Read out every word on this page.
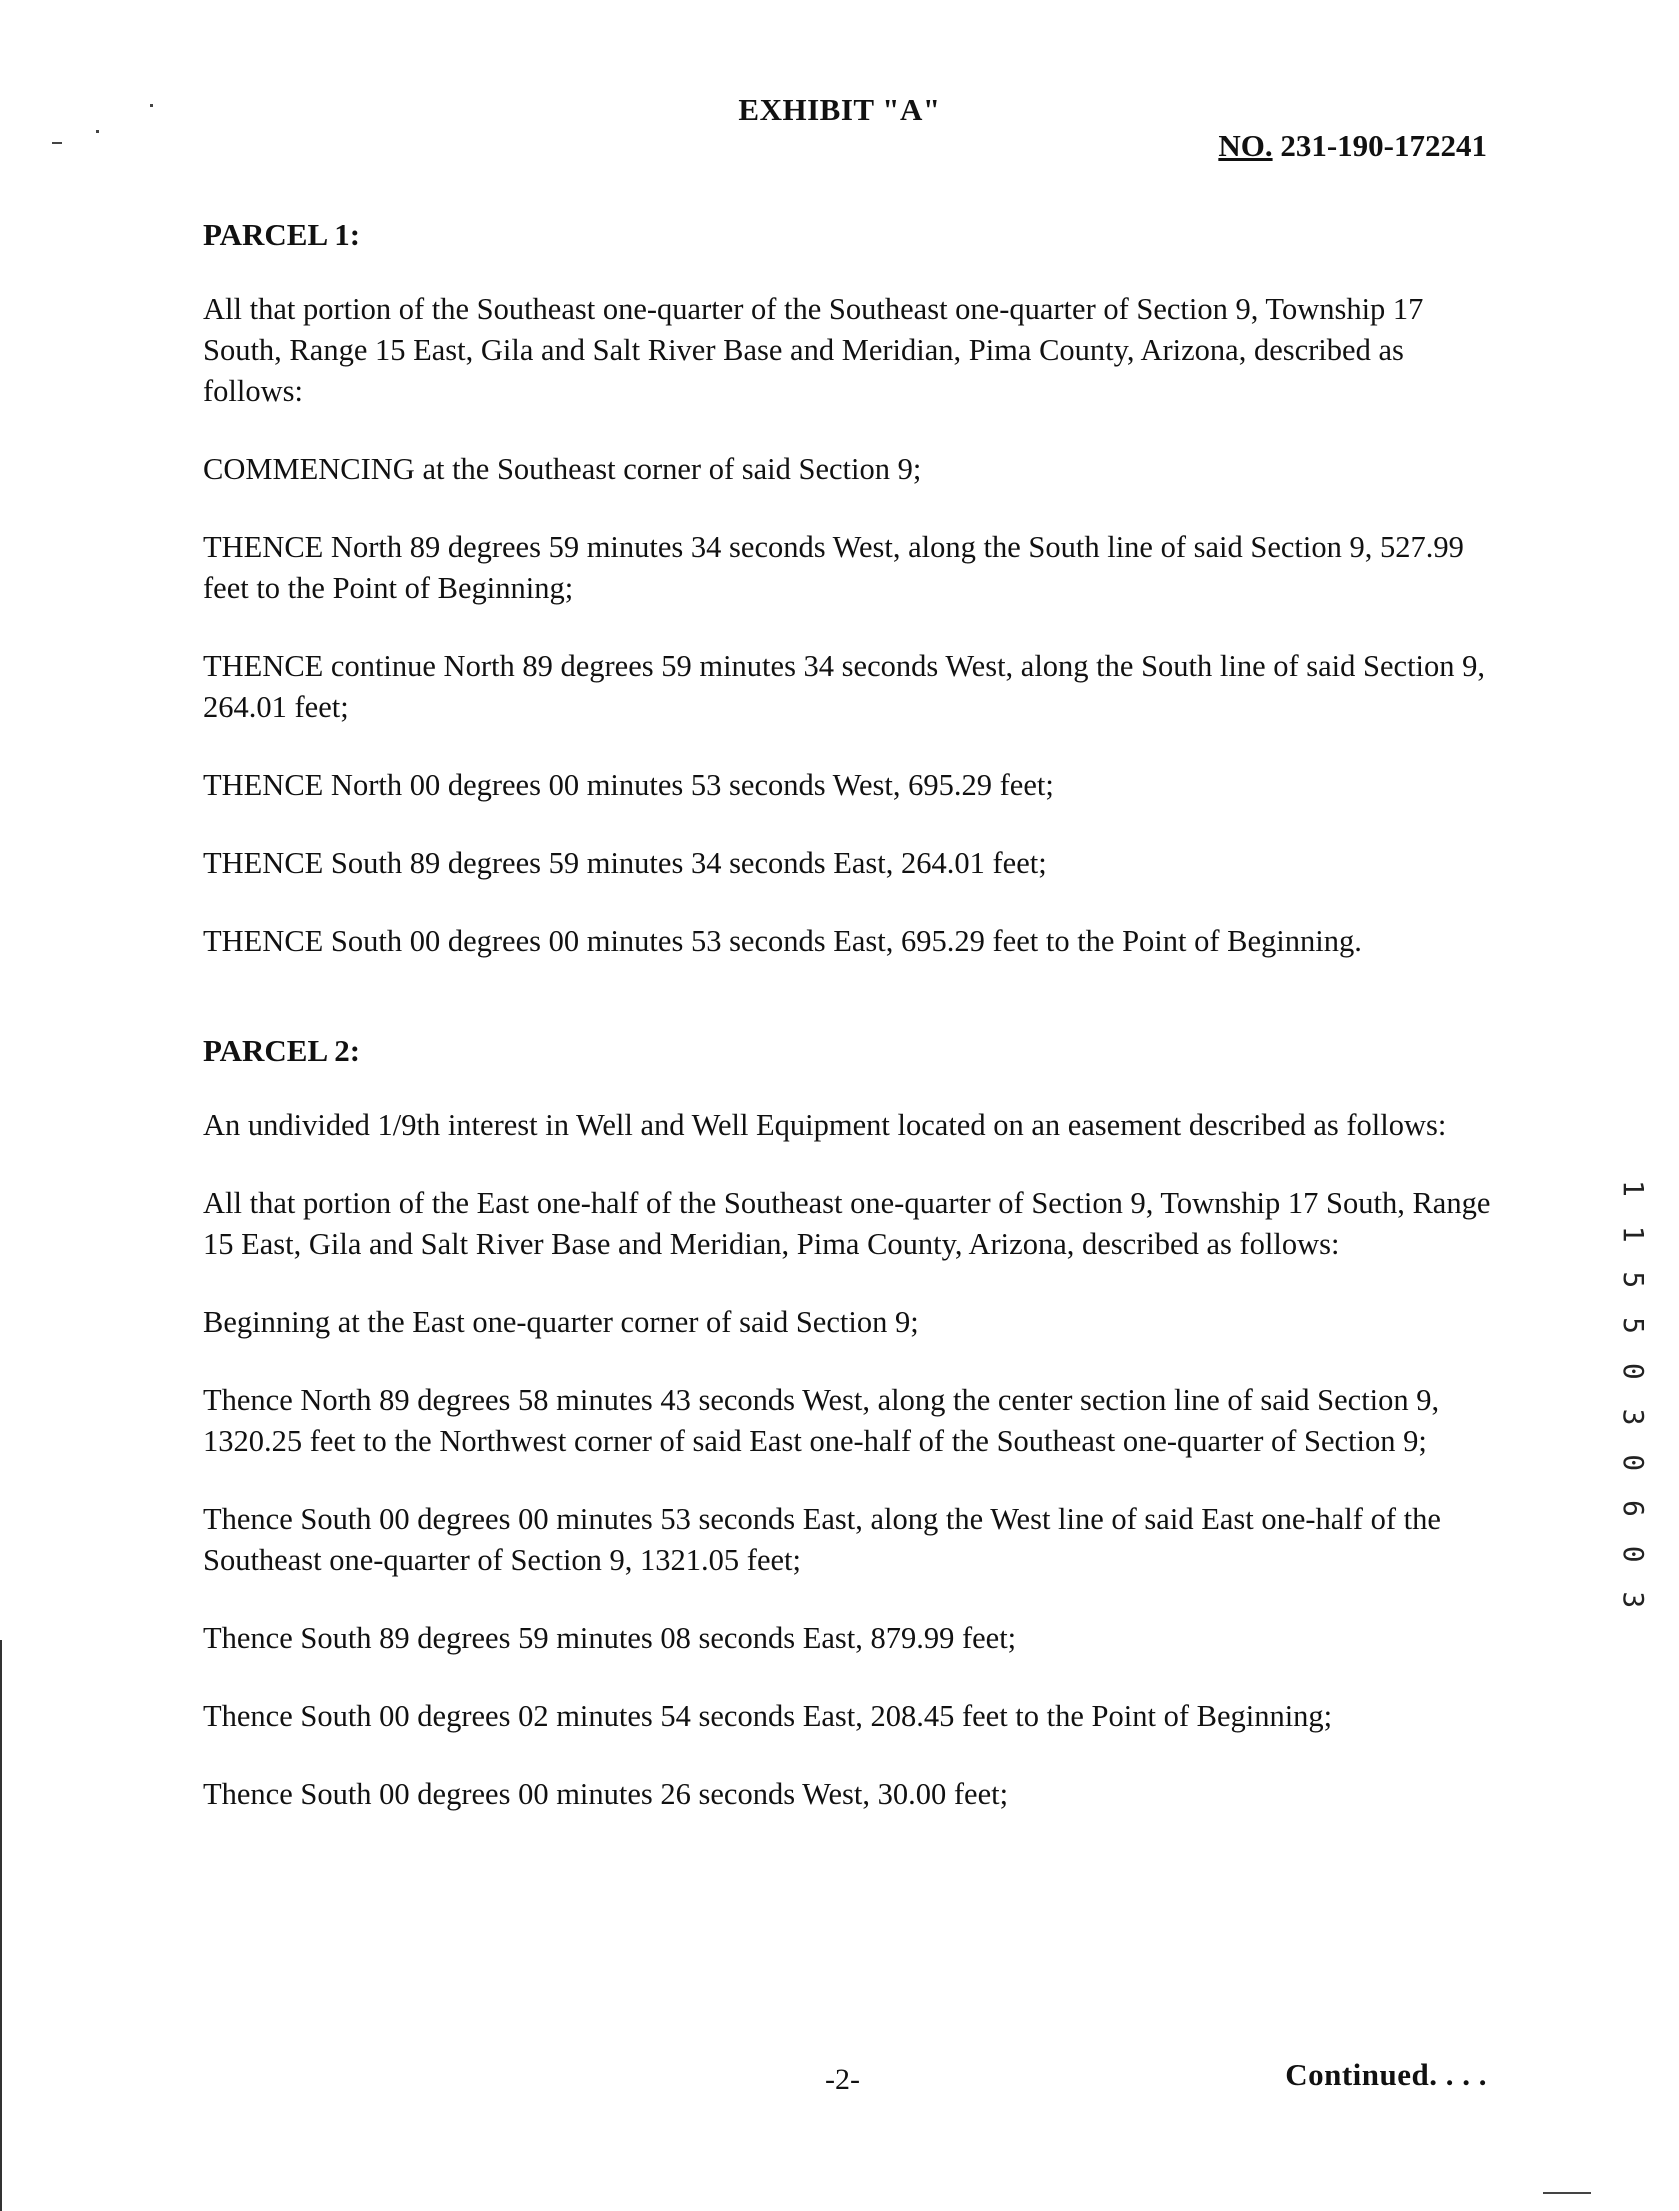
EXHIBIT "A"
NO. 231-190-172241
PARCEL 1:
All that portion of the Southeast one-quarter of the Southeast one-quarter of Section 9, Township 17 South, Range 15 East, Gila and Salt River Base and Meridian, Pima County, Arizona, described as follows:
COMMENCING at the Southeast corner of said Section 9;
THENCE North 89 degrees 59 minutes 34 seconds West, along the South line of said Section 9, 527.99 feet to the Point of Beginning;
THENCE continue North 89 degrees 59 minutes 34 seconds West, along the South line of said Section 9, 264.01 feet;
THENCE North 00 degrees 00 minutes 53 seconds West, 695.29 feet;
THENCE South 89 degrees 59 minutes 34 seconds East, 264.01 feet;
THENCE South 00 degrees 00 minutes 53 seconds East, 695.29 feet to the Point of Beginning.
PARCEL 2:
An undivided 1/9th interest in Well and Well Equipment located on an easement described as follows:
All that portion of the East one-half of the Southeast one-quarter of Section 9, Township 17 South, Range 15 East, Gila and Salt River Base and Meridian, Pima County, Arizona, described as follows:
Beginning at the East one-quarter corner of said Section 9;
Thence North 89 degrees 58 minutes 43 seconds West, along the center section line of said Section 9, 1320.25 feet to the Northwest corner of said East one-half of the Southeast one-quarter of Section 9;
Thence South 00 degrees 00 minutes 53 seconds East, along the West line of said East one-half of the Southeast one-quarter of Section 9, 1321.05 feet;
Thence South 89 degrees 59 minutes 08 seconds East, 879.99 feet;
Thence South 00 degrees 02 minutes 54 seconds East, 208.45 feet to the Point of Beginning;
Thence South 00 degrees 00 minutes 26 seconds West, 30.00 feet;
1 1 5 5 0 3 0 6 0 3
-2-	Continued. . . .
